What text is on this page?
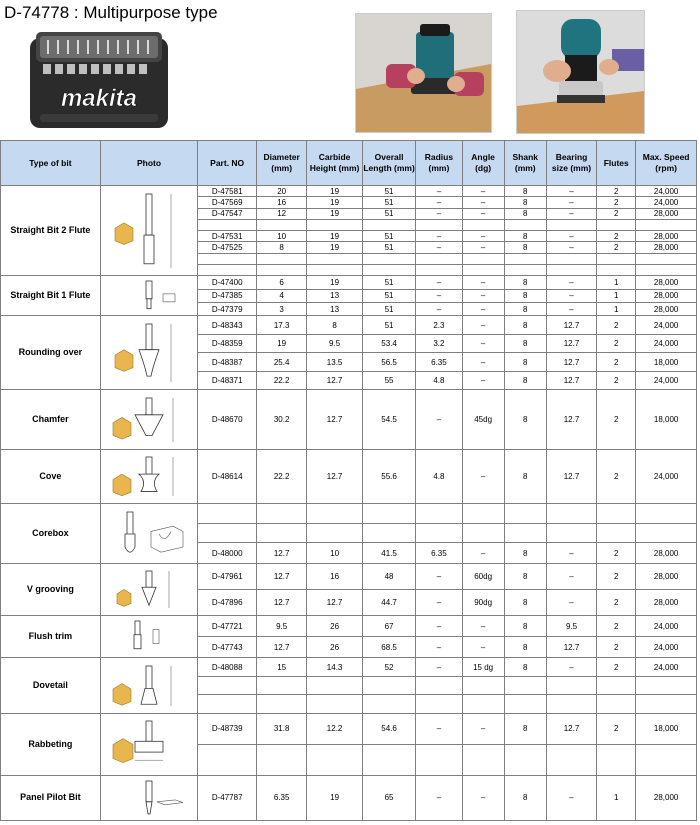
D-74778 : Multipurpose type
makita
Type of bit	Photo	Part. NO	Diameter (mm)	Carbide Height (mm)	Overall Length (mm)	Radius (mm)	Angle (dg)	Shank (mm)	Bearing size (mm)	Flutes	Max. Speed (rpm)
Straight Bit 2 Flute		D-47581	20	19	51	–	–	8	–	2	24,000
		D-47569	16	19	51	–	–	8	–	2	24,000
		D-47547	12	19	51	–	–	8	–	2	28,000

		D-47531	10	19	51	–	–	8	–	2	28,000
		D-47525	8	19	51	–	–	8	–	2	28,000

Straight Bit 1 Flute		D-47400	6	19	51	–	–	8	–	1	28,000
		D-47385	4	13	51	–	–	8	–	1	28,000
		D-47379	3	13	51	–	–	8	–	1	28,000
Rounding over		D-48343	17.3	8	51	2.3	–	8	12.7	2	24,000
		D-48359	19	9.5	53.4	3.2	–	8	12.7	2	24,000
		D-48387	25.4	13.5	56.5	6.35	–	8	12.7	2	18,000
		D-48371	22.2	12.7	55	4.8	–	8	12.7	2	24,000
Chamfer		D-48670	30.2	12.7	54.5	–	45dg	8	12.7	2	18,000
Cove		D-48614	22.2	12.7	55.6	4.8	–	8	12.7	2	24,000
Corebox	

		D-48000	12.7	10	41.5	6.35	–	8	–	2	28,000
V grooving		D-47961	12.7	16	48	–	60dg	8	–	2	28,000
		D-47896	12.7	12.7	44.7	–	90dg	8	–	2	28,000
Flush trim		D-47721	9.5	26	67	–	–	8	9.5	2	24,000
		D-47743	12.7	26	68.5	–	–	8	12.7	2	24,000
Dovetail		D-48088	15	14.3	52	–	15 dg	8	–	2	24,000

Rabbeting		D-48739	31.8	12.2	54.6	–	–	8	12.7	2	18,000

Panel Pilot Bit		D-47787	6.35	19	65	–	–	8	–	1	28,000
